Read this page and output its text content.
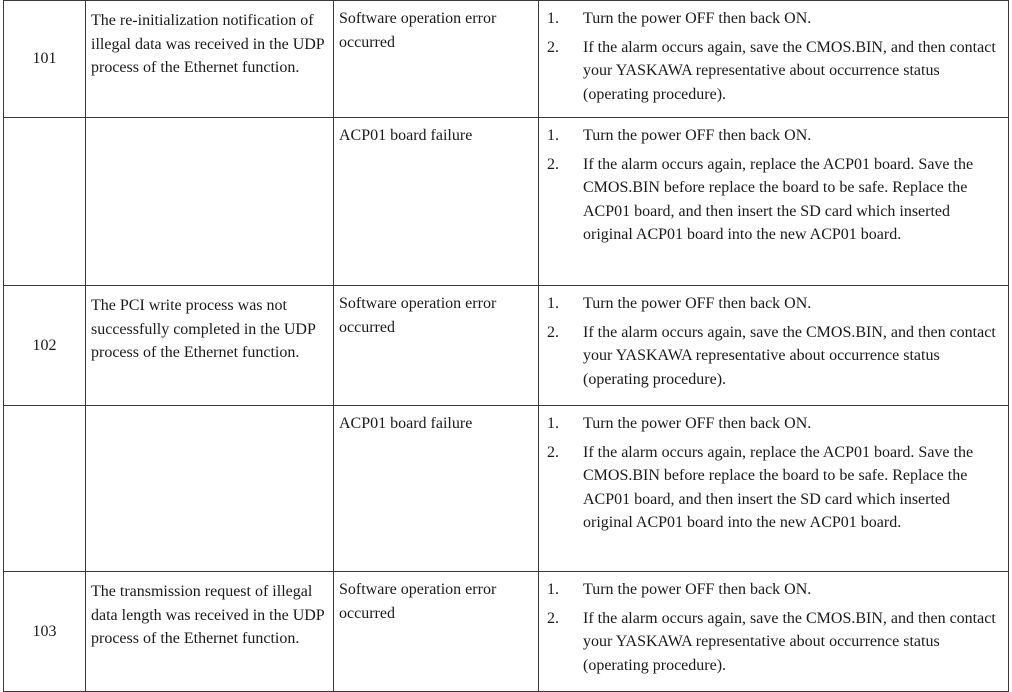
101	The re-initialization notification of illegal data was received in the UDP process of the Ethernet function.	Software operation error occurred	1. Turn the power OFF then back ON.
2. If the alarm occurs again, save the CMOS.BIN, and then contact your YASKAWA representative about occurrence status (operating procedure).

		ACP01 board failure	1. Turn the power OFF then back ON.
2. If the alarm occurs again, replace the ACP01 board. Save the CMOS.BIN before replace the board to be safe. Replace the ACP01 board, and then insert the SD card which inserted original ACP01 board into the new ACP01 board.

102	The PCI write process was not successfully completed in the UDP process of the Ethernet function.	Software operation error occurred	1. Turn the power OFF then back ON.
2. If the alarm occurs again, save the CMOS.BIN, and then contact your YASKAWA representative about occurrence status (operating procedure).

		ACP01 board failure	1. Turn the power OFF then back ON.
2. If the alarm occurs again, replace the ACP01 board. Save the CMOS.BIN before replace the board to be safe. Replace the ACP01 board, and then insert the SD card which inserted original ACP01 board into the new ACP01 board.

103	The transmission request of illegal data length was received in the UDP process of the Ethernet function.	Software operation error occurred	1. Turn the power OFF then back ON.
2. If the alarm occurs again, save the CMOS.BIN, and then contact your YASKAWA representative about occurrence status (operating procedure).
